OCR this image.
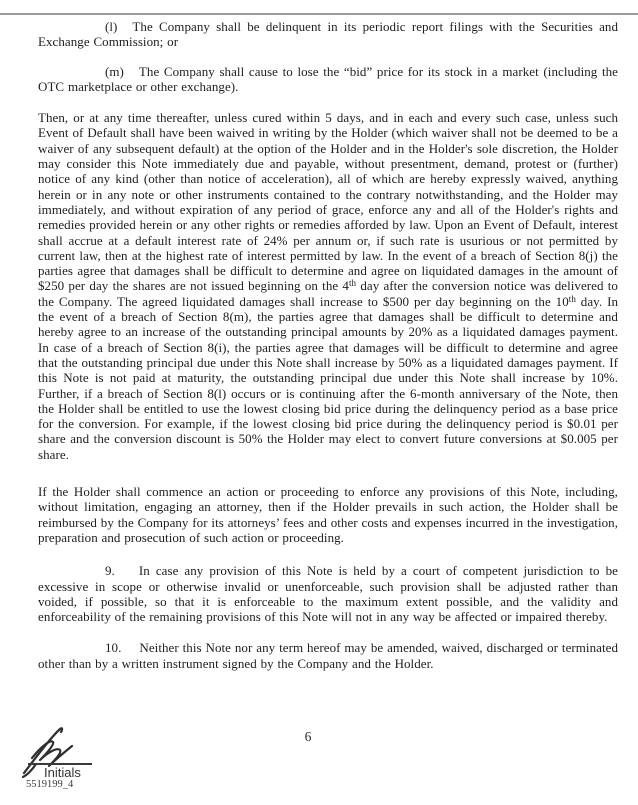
(l) The Company shall be delinquent in its periodic report filings with the Securities and Exchange Commission; or

(m) The Company shall cause to lose the “bid” price for its stock in a market (including the OTC marketplace or other exchange).

Then, or at any time thereafter, unless cured within 5 days, and in each and every such case, unless such Event of Default shall have been waived in writing by the Holder (which waiver shall not be deemed to be a waiver of any subsequent default) at the option of the Holder and in the Holder's sole discretion, the Holder may consider this Note immediately due and payable, without presentment, demand, protest or (further) notice of any kind (other than notice of acceleration), all of which are hereby expressly waived, anything herein or in any note or other instruments contained to the contrary notwithstanding, and the Holder may immediately, and without expiration of any period of grace, enforce any and all of the Holder's rights and remedies provided herein or any other rights or remedies afforded by law. Upon an Event of Default, interest shall accrue at a default interest rate of 24% per annum or, if such rate is usurious or not permitted by current law, then at the highest rate of interest permitted by law. In the event of a breach of Section 8(j) the parties agree that damages shall be difficult to determine and agree on liquidated damages in the amount of $250 per day the shares are not issued beginning on the 4th day after the conversion notice was delivered to the Company. The agreed liquidated damages shall increase to $500 per day beginning on the 10th day. In the event of a breach of Section 8(m), the parties agree that damages shall be difficult to determine and hereby agree to an increase of the outstanding principal amounts by 20% as a liquidated damages payment. In case of a breach of Section 8(i), the parties agree that damages will be difficult to determine and agree that the outstanding principal due under this Note shall increase by 50% as a liquidated damages payment. If this Note is not paid at maturity, the outstanding principal due under this Note shall increase by 10%. Further, if a breach of Section 8(l) occurs or is continuing after the 6-month anniversary of the Note, then the Holder shall be entitled to use the lowest closing bid price during the delinquency period as a base price for the conversion. For example, if the lowest closing bid price during the delinquency period is $0.01 per share and the conversion discount is 50% the Holder may elect to convert future conversions at $0.005 per share.

If the Holder shall commence an action or proceeding to enforce any provisions of this Note, including, without limitation, engaging an attorney, then if the Holder prevails in such action, the Holder shall be reimbursed by the Company for its attorneys’ fees and other costs and expenses incurred in the investigation, preparation and prosecution of such action or proceeding.

9. In case any provision of this Note is held by a court of competent jurisdiction to be excessive in scope or otherwise invalid or unenforceable, such provision shall be adjusted rather than voided, if possible, so that it is enforceable to the maximum extent possible, and the validity and enforceability of the remaining provisions of this Note will not in any way be affected or impaired thereby.

10. Neither this Note nor any term hereof may be amended, waived, discharged or terminated other than by a written instrument signed by the Company and the Holder.

6
Initials
5519199_4
